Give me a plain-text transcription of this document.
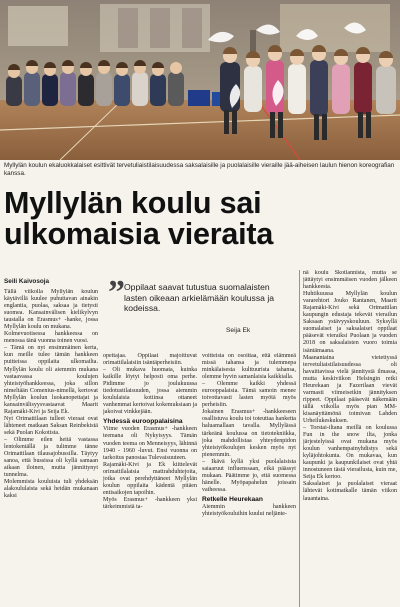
Myllylän koulun ekaluokkalaiset esittivät tervetuliaistilaisuudessa saksalaisille ja puolalaisille vieraille jää-aiheisen laulun hienon koreografian kanssa.
Myllylän koulu sai ulkomaisia vieraita
Seili Kaivosoja ” Oppilaat saavat tutustua suomalaisten lasten oikeaan arkielämään koulussa ja kodeissa.
Seija Ek

Tällä viikolla Myllylän koulun käytävillä kuulee puhuttavan ainakin englantia, puolaa, saksaa ja tietysti suomea. Kansainvälisen kielikylvyn taustalla on Erasmus+ -hanke, jossa Myllylän koulu on mukana.

Kolmevuotisessa hankkeessa on menossa tänä vuonna toinen vuosi.

– Tämä on nyt ensimmäinen kerta, kun meille tulee tämän hankkeen puitteissa oppilaita ulkomailta. Myllylän koulu oli aiemmin mukana vastaavassa koulujen yhteistyöhankkeessa, joka sillon nimeltään Comenius-nimellä, kertovat Myllylän koulun luokanopettajat ja kansainvälisyysvastaavat Maarit Rajamäki-Kivi ja Seija Ek.

Nyt Orimattilaan tulleet vieraat ovat lähteneet matkaan Saksan Reinbekistä sekä Puolan Kokotista.

– Olimme eilen heitä vastassa lentokentällä ja tulimme tänne Orimattilaan tilausajobussilla. Täytyy sanoa, että bussissa oli kyllä samaan aikaan iloinen, mutta jännittynyt tunnelma.

Molemmista kouluista tuli yhdeksän alakoululaista sekä heidän mukanaan kaksi

opettajaa. Oppilaat majoittuvat orimattilalaisiin isäntäperheisiin.

– Oli mukava huomata, kuinka kaikille löytyi helposti oma perhe. Pidimme jo joulukuussa tiedotustilaisuuden, jossa aiemmin koululaisia kotiinsa ottaneet vanhemmat kertoivat kokemuksiaan ja jakoivat vinkkejään.

Yhdessä eurooppalaisina

Viime vuoden Erasmus+ -hankkeen teemana oli Nykyisyys. Tämän vuoden teema on Menneisyys, lähinnä 1940 - 1960 -luvut. Ensi vuonna on tarkoitus panostaa Tulevaisuuteen.

Rajamäki-Kivi ja Ek kiittelevät orimattilalaisia mattrahduhtejoita, jotka ovat perehdyttäneet Myllylän koulun oppilaita kädentä pitäen entisaikojen tapoihin.

Myös Erasmus+ -hankkeen yksi tärkeimmistä ta-

voitteista on osoittaa, että elämmeä missä tahansa ja tulemmepa minkälaisesta kulttuurista tahansa, olemme hyvin samanlaisia kaikkialla.

– Olemme kaikki yhdessä eurooppalaisia. Tämä samoin menee toivottavasti lasten myötä myös perheisiin.

Jokainen Erasmus+ -hankkeeseen osallistuva koulu toi toteuttaa hanketta haluamallaan tavalla. Myllylässä tärkeänä koulussa on tietotekniikka, joka mahdollistaa yhteydenpidon yhteistyökoulujen kesken myös nyt pienemmin.

– Ikävä kyllä yksi puolalaisista saiaaruut influenssaan, eikä päässyt mukaan. Päätimme jo, että suomessa hänelle. Myöpapahelun joissain vaiheessa.

Retkelle Heurekaan

Aiemmin hankkeen yhteistyökouluihin kuului neljänte-

nä koulu Skotlannista, mutta se jättäytyi ensimmäisen vuoden jälkeen hankkeesta.

Huhtikuussa Myllylän koulun vararehtori Jouko Rantanen, Maarit Rajamäki-Kivi sekä Orimattilan kaupungin edustaja tekevät vierailun Saksaan ystävyyskouluun. Syksyllä suomalaiset ja saksalaiset oppilaat pääsevät vieraiksi Puolaan ja vuoden 2018 on saksalaisten vuoro toimia isäntämaana.

Maanantaina vietettyssä tervetuliaistilaisuudessa oli havaittavissa vielä jännitystä ilmassa, mutta keskiviikon Helsingin retki Heurekaan ja Fazerilaan vievät varmasti viimeisetkin jännityksen rippeet. Oppilaat pääsevät näkemään tällä viikolla myös pian MM-kisanäyttämönä toimivan Lahden Urheilukeskuksen.

– Torstai-iltana meillä on koulussa Fun in the snow ilta, jonka järjestelyissä ovat mukana myös koulun vanhempainyhdistys sekä kyläjohtokunta. On mukavaa, kun kaupunki ja kaupunkilaiset ovat yhtä innostuneen tästä vierailusta, kuin me, Seija Ek kertoo.

Saksalaiset ja puolalaiset vieraat lähtevät kotimatkalle tämän viikon lauantaina.
